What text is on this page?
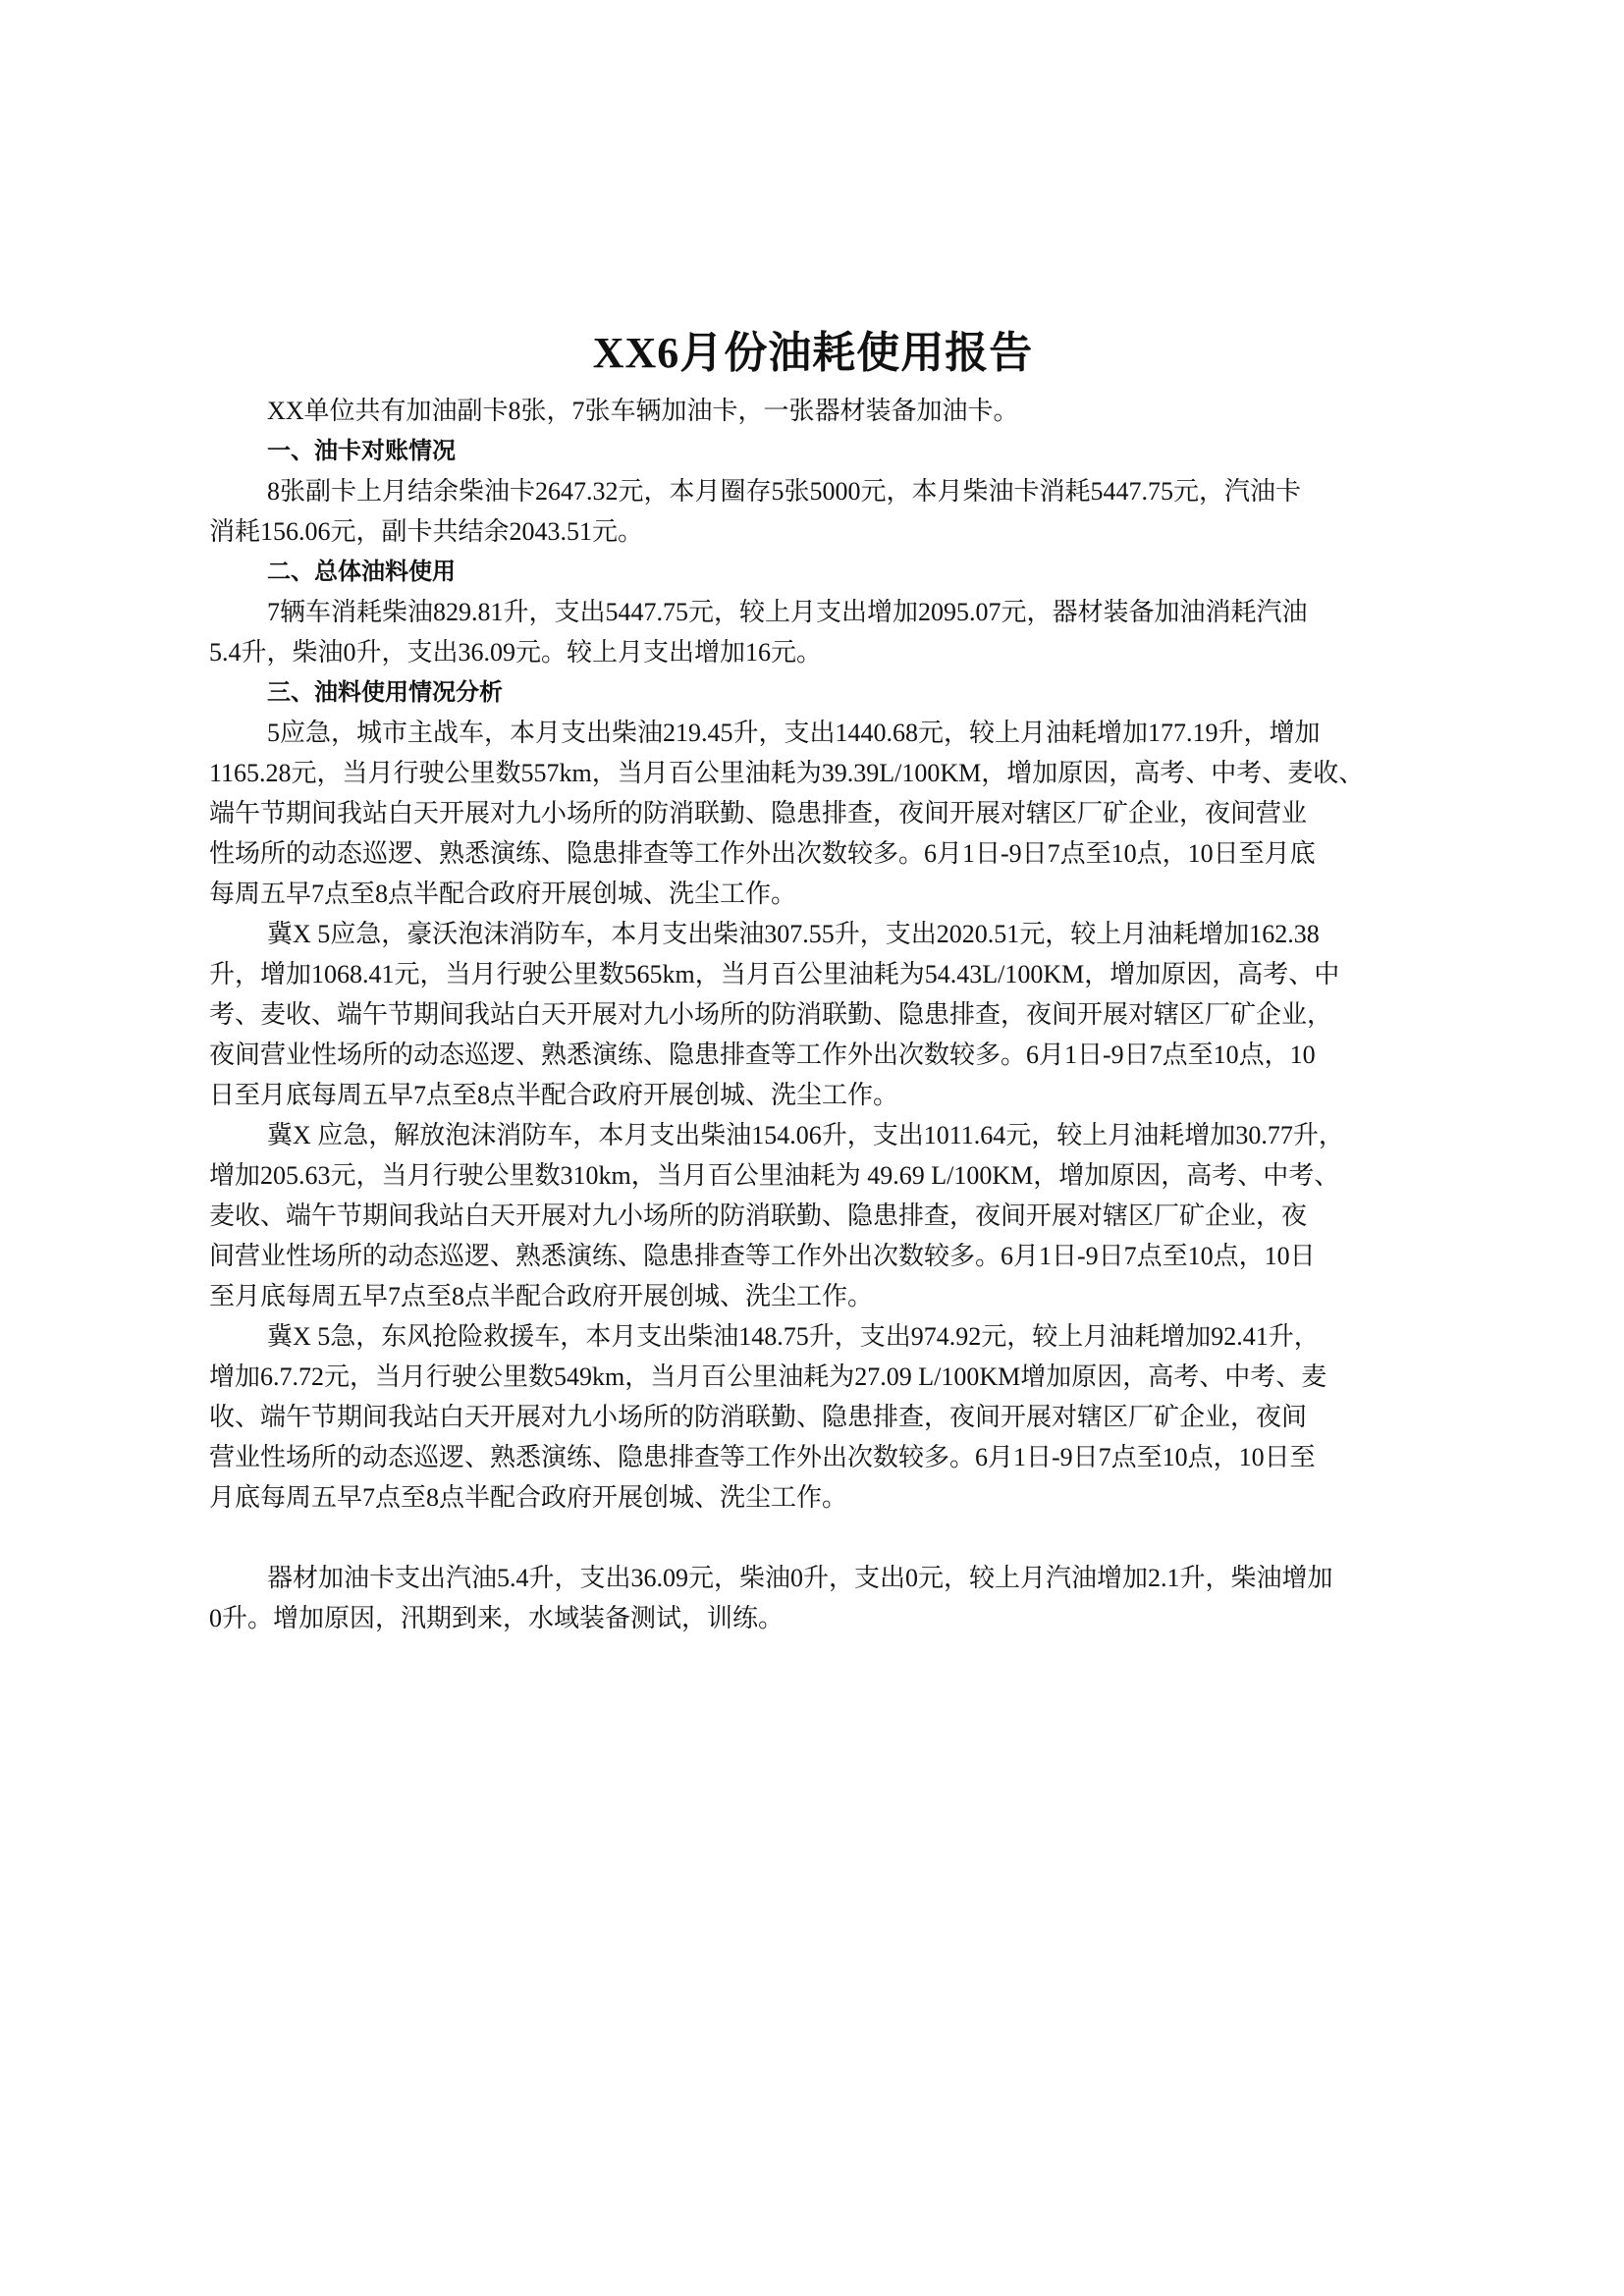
XX6月份油耗使用报告
XX单位共有加油副卡8张，7张车辆加油卡，一张器材装备加油卡。
一、油卡对账情况
8张副卡上月结余柴油卡2647.32元，本月圈存5张5000元，本月柴油卡消耗5447.75元，汽油卡
消耗156.06元，副卡共结余2043.51元。
二、总体油料使用
7辆车消耗柴油829.81升，支出5447.75元，较上月支出增加2095.07元，器材装备加油消耗汽油
5.4升，柴油0升，支出36.09元。较上月支出增加16元。
三、油料使用情况分析
5应急，城市主战车，本月支出柴油219.45升，支出1440.68元，较上月油耗增加177.19升，增加
1165.28元，当月行驶公里数557km，当月百公里油耗为39.39L/100KM，增加原因，高考、中考、麦收、
端午节期间我站白天开展对九小场所的防消联勤、隐患排查，夜间开展对辖区厂矿企业，夜间营业
性场所的动态巡逻、熟悉演练、隐患排查等工作外出次数较多。6月1日-9日7点至10点，10日至月底
每周五早7点至8点半配合政府开展创城、洗尘工作。
冀X 5应急，豪沃泡沫消防车，本月支出柴油307.55升，支出2020.51元，较上月油耗增加162.38
升，增加1068.41元，当月行驶公里数565km，当月百公里油耗为54.43L/100KM，增加原因，高考、中
考、麦收、端午节期间我站白天开展对九小场所的防消联勤、隐患排查，夜间开展对辖区厂矿企业，
夜间营业性场所的动态巡逻、熟悉演练、隐患排查等工作外出次数较多。6月1日-9日7点至10点，10
日至月底每周五早7点至8点半配合政府开展创城、洗尘工作。
冀X 应急，解放泡沫消防车，本月支出柴油154.06升，支出1011.64元，较上月油耗增加30.77升，
增加205.63元，当月行驶公里数310km，当月百公里油耗为 49.69 L/100KM，增加原因，高考、中考、
麦收、端午节期间我站白天开展对九小场所的防消联勤、隐患排查，夜间开展对辖区厂矿企业，夜
间营业性场所的动态巡逻、熟悉演练、隐患排查等工作外出次数较多。6月1日-9日7点至10点，10日
至月底每周五早7点至8点半配合政府开展创城、洗尘工作。
冀X 5急，东风抢险救援车，本月支出柴油148.75升，支出974.92元，较上月油耗增加92.41升，
增加6.7.72元，当月行驶公里数549km，当月百公里油耗为27.09 L/100KM增加原因，高考、中考、麦
收、端午节期间我站白天开展对九小场所的防消联勤、隐患排查，夜间开展对辖区厂矿企业，夜间
营业性场所的动态巡逻、熟悉演练、隐患排查等工作外出次数较多。6月1日-9日7点至10点，10日至
月底每周五早7点至8点半配合政府开展创城、洗尘工作。
器材加油卡支出汽油5.4升，支出36.09元，柴油0升，支出0元，较上月汽油增加2.1升，柴油增加
0升。增加原因，汛期到来，水域装备测试，训练。
